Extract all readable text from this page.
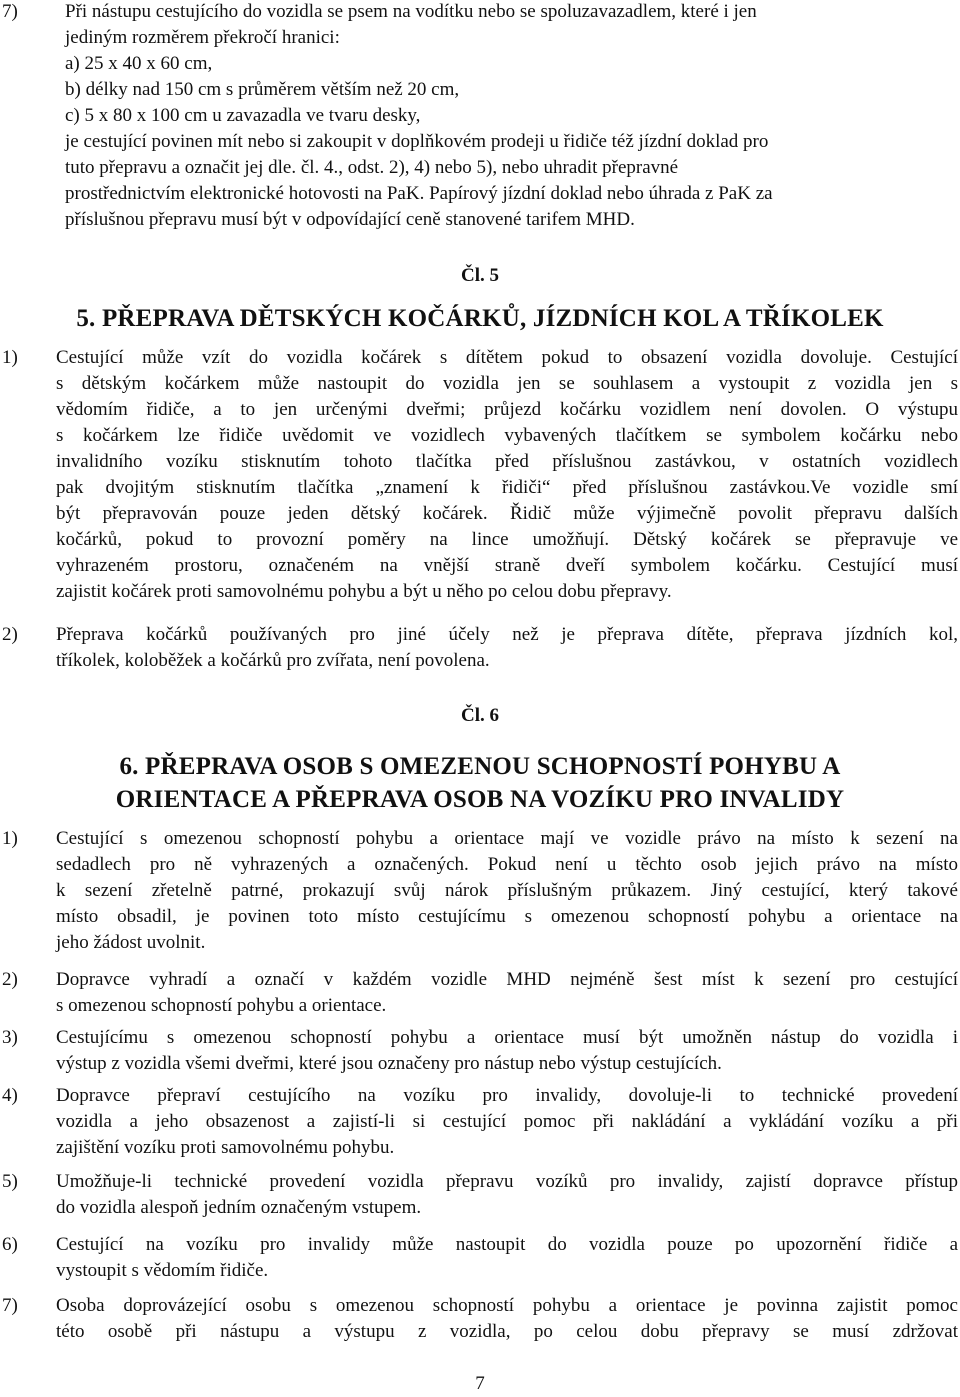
7) Při nástupu cestujícího do vozidla se psem na vodítku nebo se spoluzavazadlem, které i jen
jediným rozměrem překročí hranici:
a) 25 x 40 x 60 cm,
b) délky nad 150 cm s průměrem větším než 20 cm,
c) 5 x 80 x 100 cm u zavazadla ve tvaru desky,
je cestující povinen mít nebo si zakoupit v doplňkovém prodeji u řidiče též jízdní doklad pro
tuto přepravu a označit jej dle. čl. 4., odst. 2), 4) nebo 5), nebo uhradit přepravné
prostřednictvím elektronické hotovosti na PaK. Papírový jízdní doklad nebo úhrada z PaK za
příslušnou přepravu musí být v odpovídající ceně stanovené tarifem MHD.
Čl. 5
5. PŘEPRAVA DĚTSKÝCH KOČÁRKŮ, JÍZDNÍCH KOL A TŘÍKOLEK
1) Cestující může vzít do vozidla kočárek s dítětem pokud to obsazení vozidla dovoluje. Cestující
s dětským kočárkem může nastoupit do vozidla jen se souhlasem a vystoupit z vozidla jen s
vědomím řidiče, a to jen určenými dveřmi; průjezd kočárku vozidlem není dovolen. O výstupu
s kočárkem lze řidiče uvědomit ve vozidlech vybavených tlačítkem se symbolem kočárku nebo
invalidního vozíku stisknutím tohoto tlačítka před příslušnou zastávkou, v ostatních vozidlech
pak dvojitým stisknutím tlačítka „znamení k řidiči“ před příslušnou zastávkou.Ve vozidle smí
být přepravován pouze jeden dětský kočárek. Řidič může výjimečně povolit přepravu dalších
kočárků, pokud to provozní poměry na lince umožňují. Dětský kočárek se přepravuje ve
vyhrazeném prostoru, označeném na vnější straně dveří symbolem kočárku. Cestující musí
zajistit kočárek proti samovolnému pohybu a být u něho po celou dobu přepravy.
2) Přeprava kočárků používaných pro jiné účely než je přeprava dítěte, přeprava jízdních kol,
tříkolek, koloběžek a kočárků pro zvířata, není povolena.
Čl. 6
6. PŘEPRAVA OSOB S OMEZENOU SCHOPNOSTÍ POHYBU A
ORIENTACE A PŘEPRAVA OSOB NA VOZÍKU PRO INVALIDY
1) Cestující s omezenou schopností pohybu a orientace mají ve vozidle právo na místo k sezení na
sedadlech pro ně vyhrazených a označených. Pokud není u těchto osob jejich právo na místo
k sezení zřetelně patrné, prokazují svůj nárok příslušným průkazem. Jiný cestující, který takové
místo obsadil, je povinen toto místo cestujícímu s omezenou schopností pohybu a orientace na
jeho žádost uvolnit.
2) Dopravce vyhradí a označí v každém vozidle MHD nejméně šest míst k sezení pro cestující
s omezenou schopností pohybu a orientace.
3) Cestujícímu s omezenou schopností pohybu a orientace musí být umožněn nástup do vozidla i
výstup z vozidla všemi dveřmi, které jsou označeny pro nástup nebo výstup cestujících.
4) Dopravce přepraví cestujícího na vozíku pro invalidy, dovoluje-li to technické provedení
vozidla a jeho obsazenost a zajistí-li si cestující pomoc při nakládání a vykládání vozíku a při
zajištění vozíku proti samovolnému pohybu.
5) Umožňuje-li technické provedení vozidla přepravu vozíků pro invalidy, zajistí dopravce přístup
do vozidla alespoň jedním označeným vstupem.
6) Cestující na vozíku pro invalidy může nastoupit do vozidla pouze po upozornění řidiče a
vystoupit s vědomím řidiče.
7) Osoba doprovázející osobu s omezenou schopností pohybu a orientace je povinna zajistit pomoc
této osobě při nástupu a výstupu z vozidla, po celou dobu přepravy se musí zdržovat
7
